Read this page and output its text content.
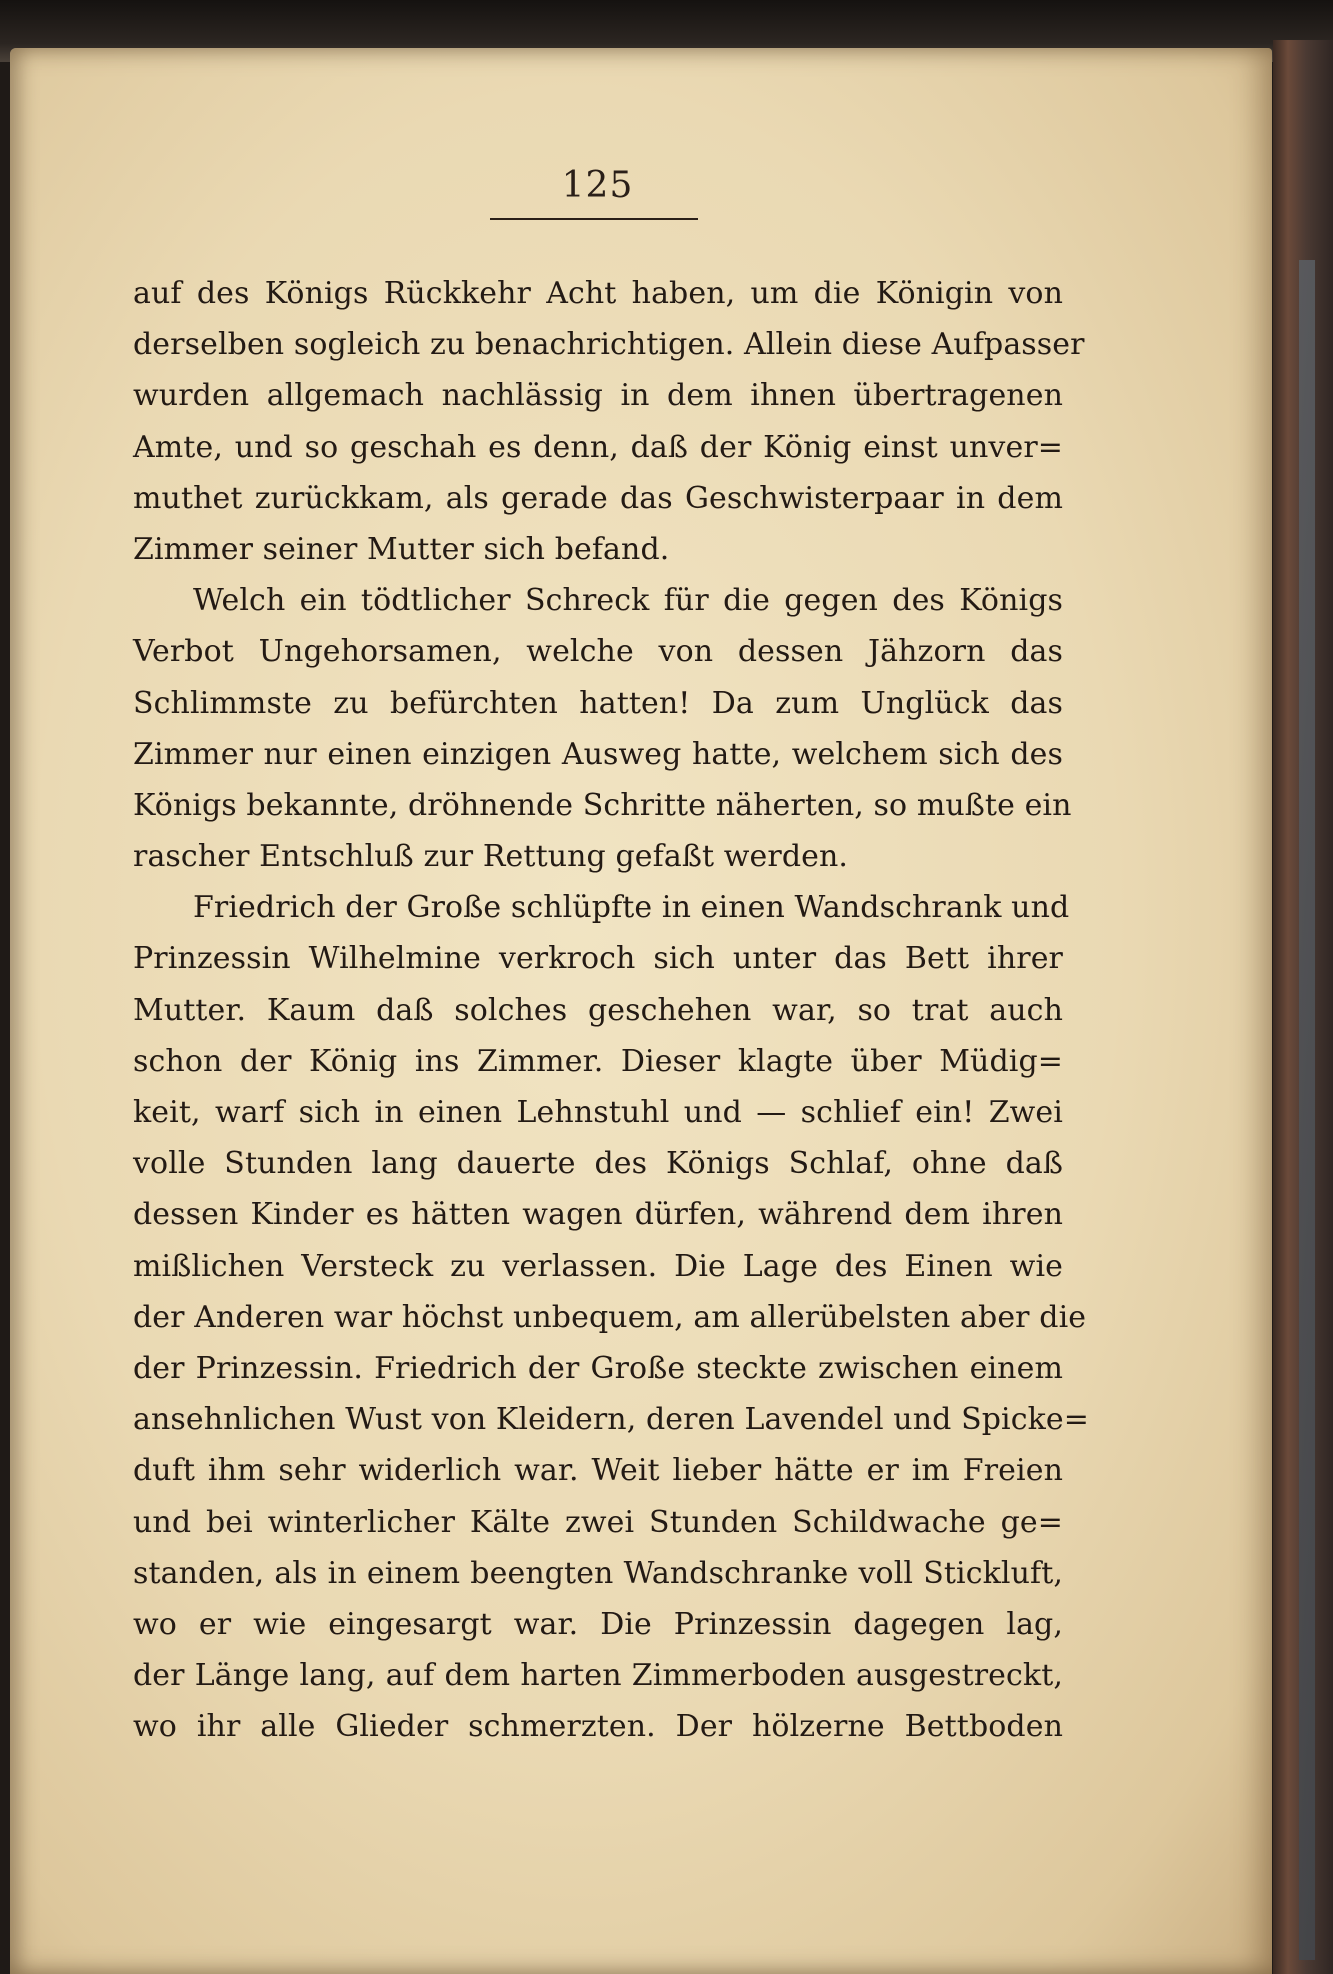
125
auf des Königs Rückkehr Acht haben, um die Königin von
derselben sogleich zu benachrichtigen. Allein diese Aufpasser
wurden allgemach nachlässig in dem ihnen übertragenen
Amte, und so geschah es denn, daß der König einst unver=
muthet zurückkam, als gerade das Geschwisterpaar in dem
Zimmer seiner Mutter sich befand.
Welch ein tödtlicher Schreck für die gegen des Königs
Verbot Ungehorsamen, welche von dessen Jähzorn das
Schlimmste zu befürchten hatten! Da zum Unglück das
Zimmer nur einen einzigen Ausweg hatte, welchem sich des
Königs bekannte, dröhnende Schritte näherten, so mußte ein
rascher Entschluß zur Rettung gefaßt werden.
Friedrich der Große schlüpfte in einen Wandschrank und
Prinzessin Wilhelmine verkroch sich unter das Bett ihrer
Mutter. Kaum daß solches geschehen war, so trat auch
schon der König ins Zimmer. Dieser klagte über Müdig=
keit, warf sich in einen Lehnstuhl und — schlief ein! Zwei
volle Stunden lang dauerte des Königs Schlaf, ohne daß
dessen Kinder es hätten wagen dürfen, während dem ihren
mißlichen Versteck zu verlassen. Die Lage des Einen wie
der Anderen war höchst unbequem, am allerübelsten aber die
der Prinzessin. Friedrich der Große steckte zwischen einem
ansehnlichen Wust von Kleidern, deren Lavendel und Spicke=
duft ihm sehr widerlich war. Weit lieber hätte er im Freien
und bei winterlicher Kälte zwei Stunden Schildwache ge=
standen, als in einem beengten Wandschranke voll Stickluft,
wo er wie eingesargt war. Die Prinzessin dagegen lag,
der Länge lang, auf dem harten Zimmerboden ausgestreckt,
wo ihr alle Glieder schmerzten. Der hölzerne Bettboden
